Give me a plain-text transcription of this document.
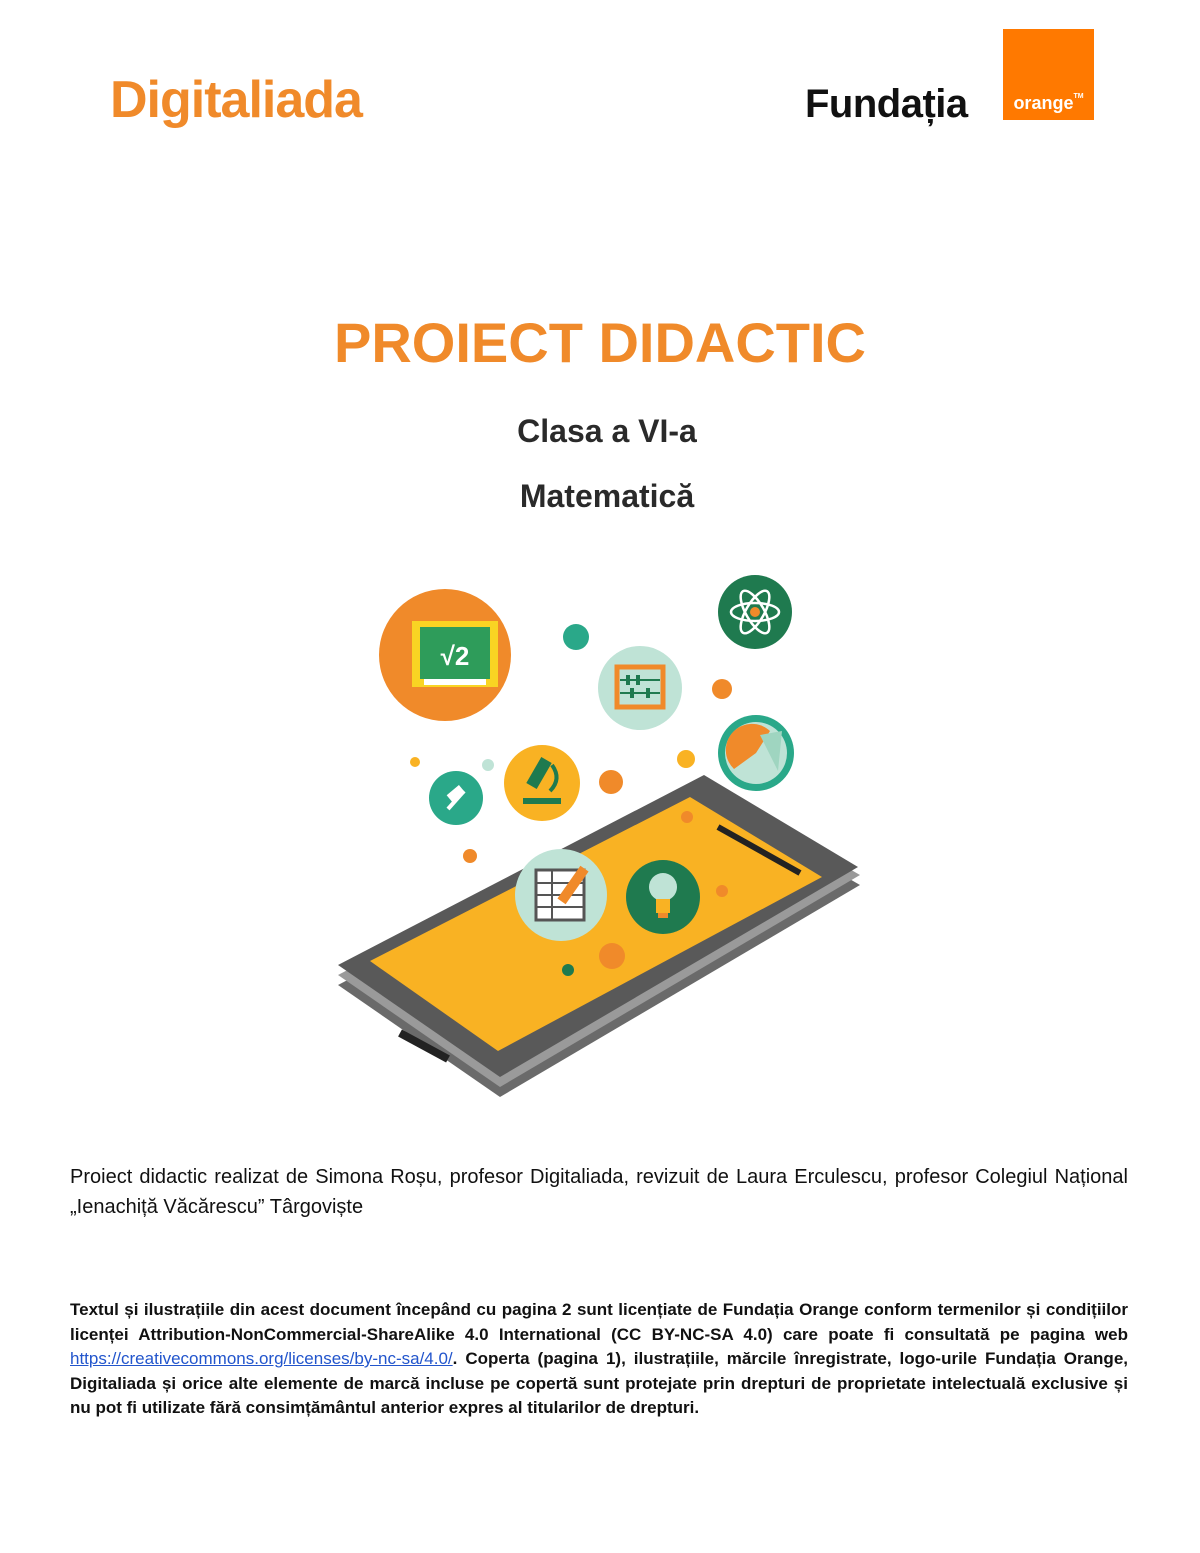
Digitaliada	Fundația	orange™
PROIECT DIDACTIC
Clasa a VI-a
Matematică
√2
Proiect didactic realizat de Simona Roșu, profesor Digitaliada, revizuit de Laura Erculescu, profesor Colegiul Național „Ienachiță Văcărescu” Târgoviște
Textul și ilustrațiile din acest document începând cu pagina 2 sunt licențiate de Fundația Orange conform termenilor și condițiilor licenței Attribution-NonCommercial-ShareAlike 4.0 International (CC BY-NC-SA 4.0) care poate fi consultată pe pagina web https://creativecommons.org/licenses/by-nc-sa/4.0/. Coperta (pagina 1), ilustrațiile, mărcile înregistrate, logo-urile Fundația Orange, Digitaliada și orice alte elemente de marcă incluse pe copertă sunt protejate prin drepturi de proprietate intelectuală exclusive și nu pot fi utilizate fără consimțământul anterior expres al titularilor de drepturi.
